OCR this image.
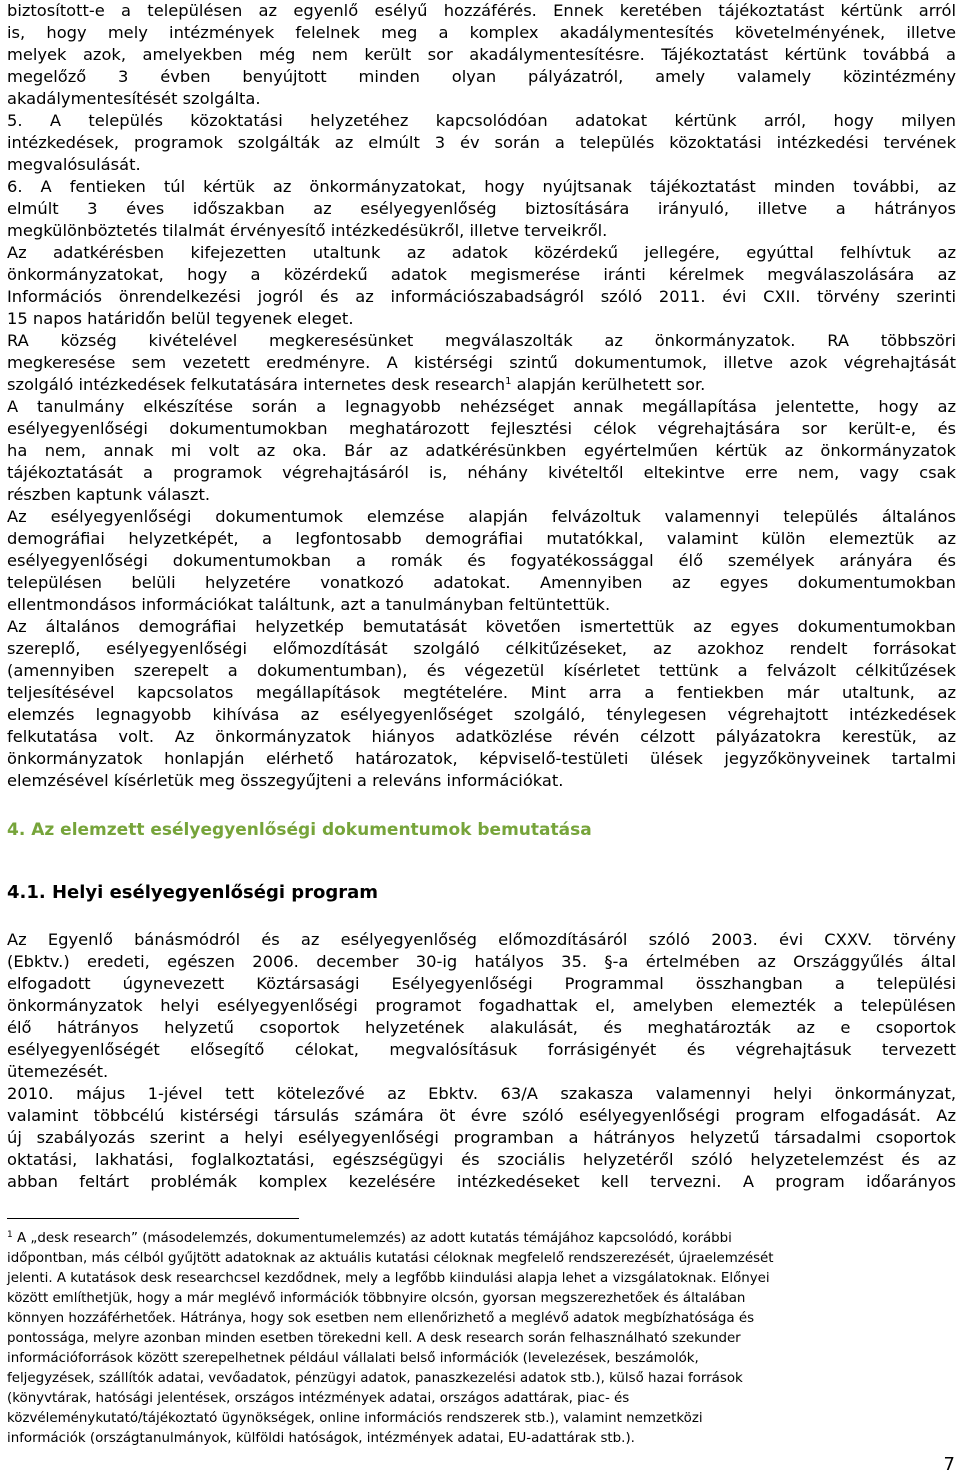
biztosított-e a településen az egyenlő esélyű hozzáférés. Ennek keretében tájékoztatást kértünk arról
is, hogy mely intézmények felelnek meg a komplex akadálymentesítés követelményének, illetve
melyek azok, amelyekben még nem került sor akadálymentesítésre. Tájékoztatást kértünk továbbá a
megelőző 3 évben benyújtott minden olyan pályázatról, amely valamely közintézmény
akadálymentesítését szolgálta.
5. A település közoktatási helyzetéhez kapcsolódóan adatokat kértünk arról, hogy milyen
intézkedések, programok szolgálták az elmúlt 3 év során a település közoktatási intézkedési tervének
megvalósulását.
6. A fentieken túl kértük az önkormányzatokat, hogy nyújtsanak tájékoztatást minden további, az
elmúlt 3 éves időszakban az esélyegyenlőség biztosítására irányuló, illetve a hátrányos
megkülönböztetés tilalmát érvényesítő intézkedésükről, illetve terveikről.
Az adatkérésben kifejezetten utaltunk az adatok közérdekű jellegére, egyúttal felhívtuk az
önkormányzatokat, hogy a közérdekű adatok megismerése iránti kérelmek megválaszolására az
Információs önrendelkezési jogról és az információszabadságról szóló 2011. évi CXII. törvény szerinti
15 napos határidőn belül tegyenek eleget.
RA község kivételével megkeresésünket megválaszolták az önkormányzatok. RA többszöri
megkeresése sem vezetett eredményre. A kistérségi szintű dokumentumok, illetve azok végrehajtását
szolgáló intézkedések felkutatására internetes desk research$^1$ alapján kerülhetett sor.
A tanulmány elkészítése során a legnagyobb nehézséget annak megállapítása jelentette, hogy az
esélyegyenlőségi dokumentumokban meghatározott fejlesztési célok végrehajtására sor került-e, és
ha nem, annak mi volt az oka. Bár az adatkérésünkben egyértelműen kértük az önkormányzatok
tájékoztatását a programok végrehajtásáról is, néhány kivételtől eltekintve erre nem, vagy csak
részben kaptunk választ.
Az esélyegyenlőségi dokumentumok elemzése alapján felvázoltuk valamennyi település általános
demográfiai helyzetképét, a legfontosabb demográfiai mutatókkal, valamint külön elemeztük az
esélyegyenlőségi dokumentumokban a romák és fogyatékossággal élő személyek arányára és
településen belüli helyzetére vonatkozó adatokat. Amennyiben az egyes dokumentumokban
ellentmondásos információkat találtunk, azt a tanulmányban feltüntettük.
Az általános demográfiai helyzetkép bemutatását követően ismertettük az egyes dokumentumokban
szereplő, esélyegyenlőségi előmozdítását szolgáló célkitűzéseket, az azokhoz rendelt forrásokat
(amennyiben szerepelt a dokumentumban), és végezetül kísérletet tettünk a felvázolt célkitűzések
teljesítésével kapcsolatos megállapítások megtételére. Mint arra a fentiekben már utaltunk, az
elemzés legnagyobb kihívása az esélyegyenlőséget szolgáló, ténylegesen végrehajtott intézkedések
felkutatása volt. Az önkormányzatok hiányos adatközlése révén célzott pályázatokra kerestük, az
önkormányzatok honlapján elérhető határozatok, képviselő-testületi ülések jegyzőkönyveinek tartalmi
elemzésével kísérletük meg összegyűjteni a releváns információkat.
4. Az elemzett esélyegyenlőségi dokumentumok bemutatása
4.1. Helyi esélyegyenlőségi program
Az Egyenlő bánásmódról és az esélyegyenlőség előmozdításáról szóló 2003. évi CXXV. törvény
(Ebktv.) eredeti, egészen 2006. december 30-ig hatályos 35. §-a értelmében az Országgyűlés által
elfogadott úgynevezett Köztársasági Esélyegyenlőségi Programmal összhangban a települési
önkormányzatok helyi esélyegyenlőségi programot fogadhattak el, amelyben elemezték a településen
élő hátrányos helyzetű csoportok helyzetének alakulását, és meghatározták az e csoportok
esélyegyenlőségét elősegítő célokat, megvalósításuk forrásigényét és végrehajtásuk tervezett
ütemezését.
2010. május 1-jével tett kötelezővé az Ebktv. 63/A szakasza valamennyi helyi önkormányzat,
valamint többcélú kistérségi társulás számára öt évre szóló esélyegyenlőségi program elfogadását. Az
új szabályozás szerint a helyi esélyegyenlőségi programban a hátrányos helyzetű társadalmi csoportok
oktatási, lakhatási, foglalkoztatási, egészségügyi és szociális helyzetéről szóló helyzetelemzést és az
abban feltárt problémák komplex kezelésére intézkedéseket kell tervezni. A program időarányos
$^1$ A „desk research” (másodelemzés, dokumentumelemzés) az adott kutatás témájához kapcsolódó, korábbi
időpontban, más célból gyűjtött adatoknak az aktuális kutatási céloknak megfelelő rendszerezését, újraelemzését
jelenti. A kutatások desk researchcsel kezdődnek, mely a legfőbb kiindulási alapja lehet a vizsgálatoknak. Előnyei
között említhetjük, hogy a már meglévő információk többnyire olcsón, gyorsan megszerezhetőek és általában
könnyen hozzáférhetőek. Hátránya, hogy sok esetben nem ellenőrizhető a meglévő adatok megbízhatósága és
pontossága, melyre azonban minden esetben törekedni kell. A desk research során felhasználható szekunder
információforrások között szerepelhetnek például vállalati belső információk (levelezések, beszámolók,
feljegyzések, szállítók adatai, vevőadatok, pénzügyi adatok, panaszkezelési adatok stb.), külső hazai források
(könyvtárak, hatósági jelentések, országos intézmények adatai, országos adattárak, piac- és
közvéleménykutató/tájékoztató ügynökségek, online információs rendszerek stb.), valamint nemzetközi
információk (országtanulmányok, külföldi hatóságok, intézmények adatai, EU-adattárak stb.).
7
